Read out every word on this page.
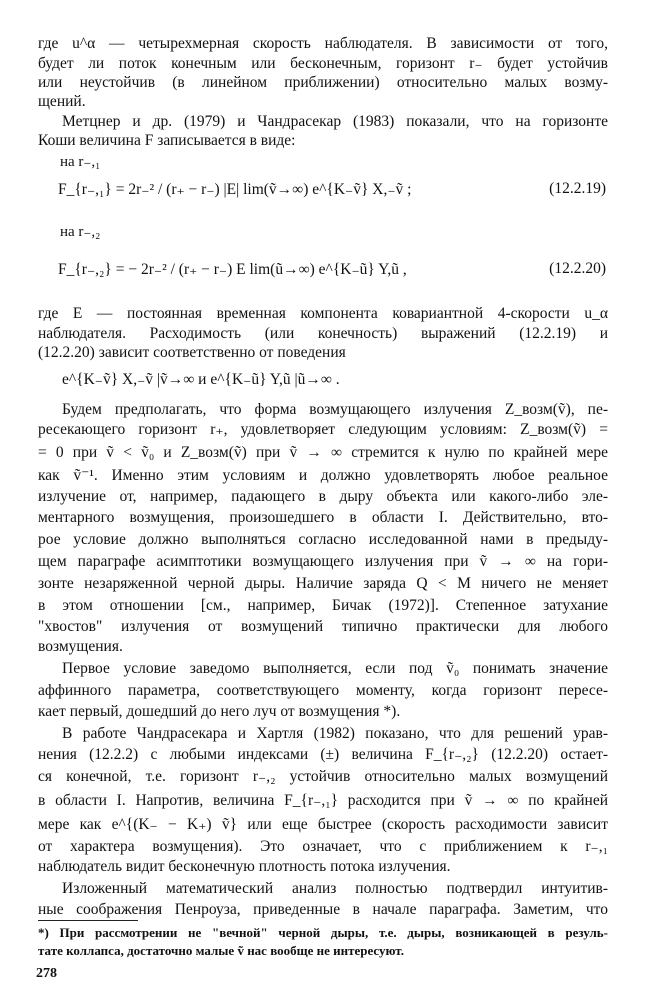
где u^α — четырехмерная скорость наблюдателя. В зависимости от того,
будет ли поток конечным или бесконечным, горизонт r₋ будет устойчив
или неустойчив (в линейном приближении) относительно малых возму-
щений.
Метцнер и др. (1979) и Чандрасекар (1983) показали, что на горизонте
Коши величина F записывается в виде:
на r₋,₁
F_{r₋,₁} = 2r₋² / (r₊ − r₋) |E| lim(ṽ→∞) e^{K₋ṽ} X,₋ṽ ;	(12.2.19)
на r₋,₂
F_{r₋,₂} = − 2r₋² / (r₊ − r₋) E lim(ũ→∞) e^{K₋ũ} Y,ũ ,	(12.2.20)
где E — постоянная временная компонента ковариантной 4-скорости u_α
наблюдателя. Расходимость (или конечность) выражений (12.2.19) и
(12.2.20) зависит соответственно от поведения
e^{K₋ṽ} X,₋ṽ |ṽ→∞ и e^{K₋ũ} Y,ũ |ũ→∞ .
Будем предполагать, что форма возмущающего излучения Z_возм(ṽ), пе-
ресекающего горизонт r₊, удовлетворяет следующим условиям: Z_возм(ṽ) =
= 0 при ṽ < ṽ₀ и Z_возм(ṽ) при ṽ → ∞ стремится к нулю по крайней мере
как ṽ⁻¹. Именно этим условиям и должно удовлетворять любое реальное
излучение от, например, падающего в дыру объекта или какого-либо эле-
ментарного возмущения, произошедшего в области I. Действительно, вто-
рое условие должно выполняться согласно исследованной нами в предыду-
щем параграфе асимптотики возмущающего излучения при ṽ → ∞ на гори-
зонте незаряженной черной дыры. Наличие заряда Q < M ничего не меняет
в этом отношении [см., например, Бичак (1972)]. Степенное затухание
"хвостов" излучения от возмущений типично практически для любого
возмущения.
Первое условие заведомо выполняется, если под ṽ₀ понимать значение
аффинного параметра, соответствующего моменту, когда горизонт пересе-
кает первый, дошедший до него луч от возмущения *).
В работе Чандрасекара и Хартля (1982) показано, что для решений урав-
нения (12.2.2) с любыми индексами (±) величина F_{r₋,₂} (12.2.20) остает-
ся конечной, т.е. горизонт r₋,₂ устойчив относительно малых возмущений
в области I. Напротив, величина F_{r₋,₁} расходится при ṽ → ∞ по крайней
мере как e^{(K₋ − K₊) ṽ} или еще быстрее (скорость расходимости зависит
от характера возмущения). Это означает, что с приближением к r₋,₁
наблюдатель видит бесконечную плотность потока излучения.
Изложенный математический анализ полностью подтвердил интуитив-
ные соображения Пенроуза, приведенные в начале параграфа. Заметим, что
*) При рассмотрении не "вечной" черной дыры, т.е. дыры, возникающей в резуль-
тате коллапса, достаточно малые ṽ нас вообще не интересуют.
278
